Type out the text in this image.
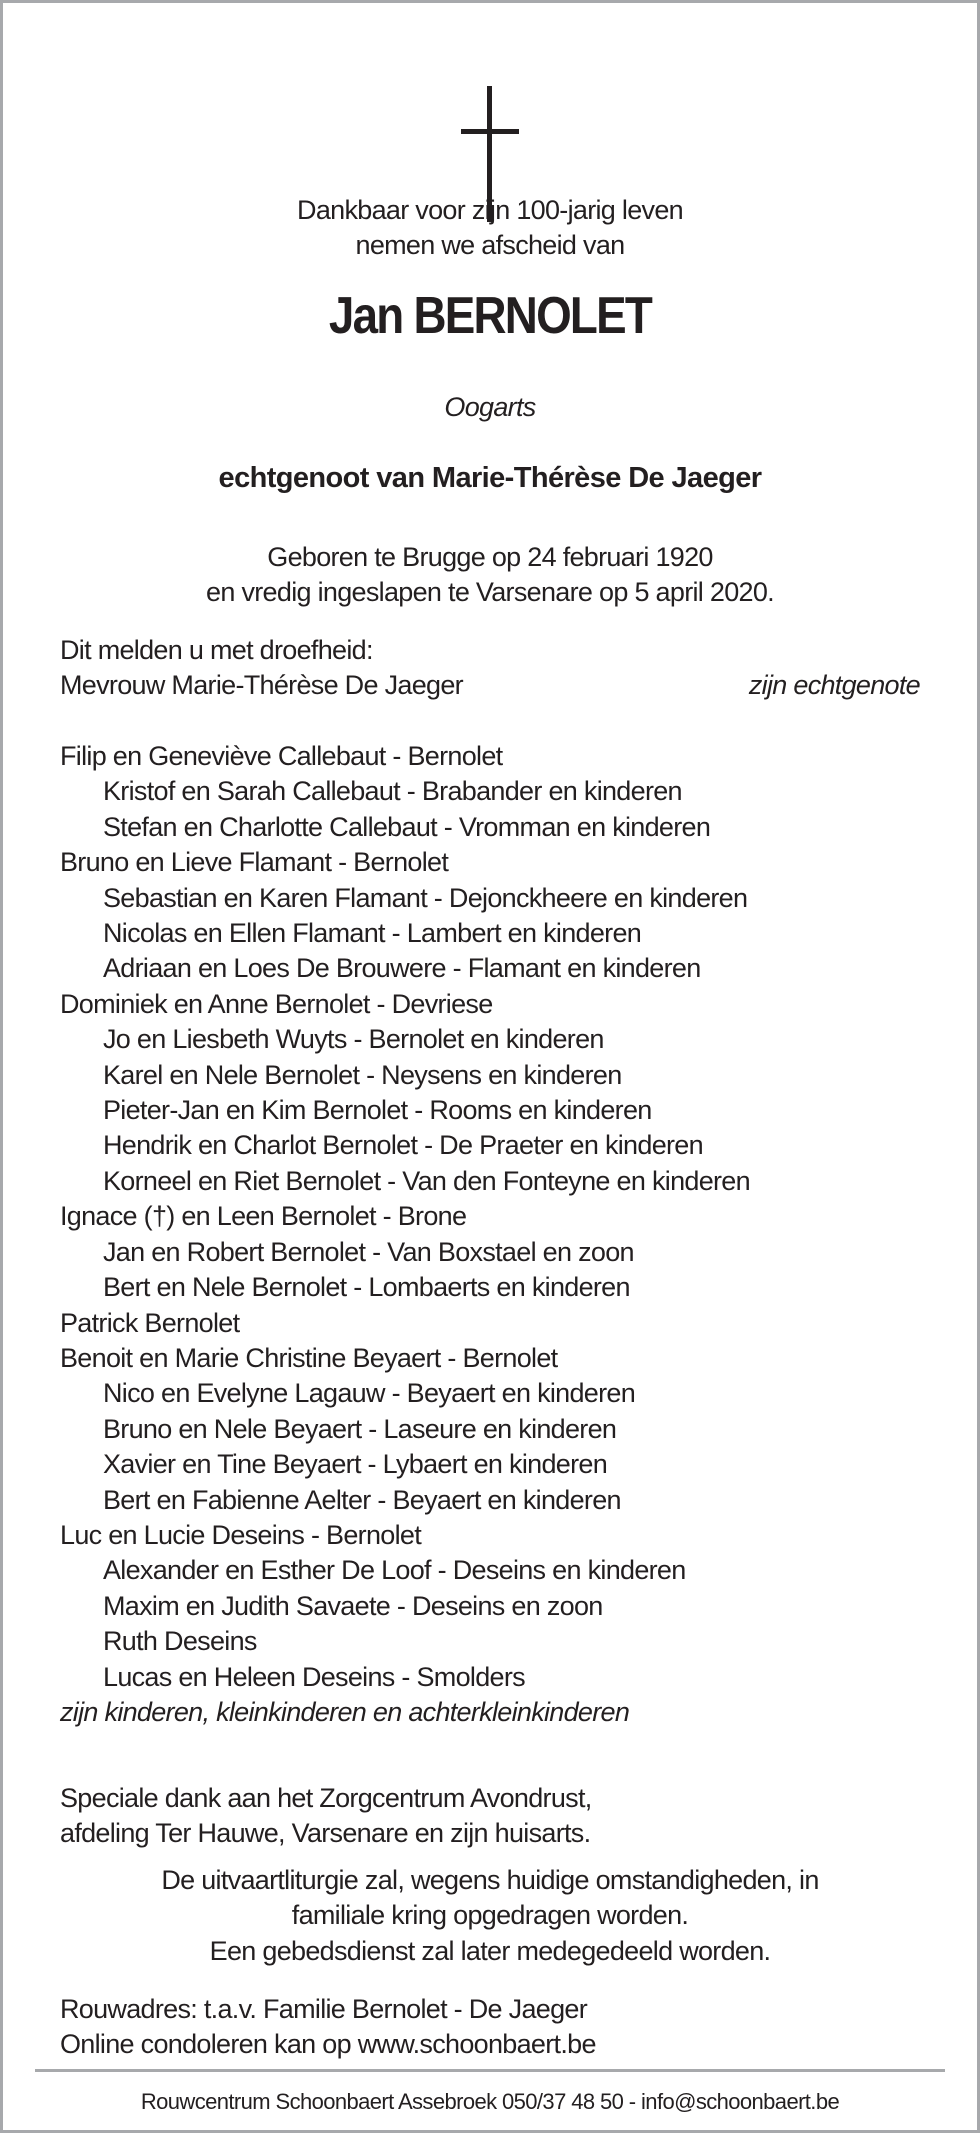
Dankbaar voor zijn 100-jarig leven
nemen we afscheid van
Jan BERNOLET
Oogarts
echtgenoot van Marie-Thérèse De Jaeger
Geboren te Brugge op 24 februari 1920
en vredig ingeslapen te Varsenare op 5 april 2020.
Dit melden u met droefheid:
Mevrouw Marie-Thérèse De Jaeger	zijn echtgenote
Filip en Geneviève Callebaut - Bernolet
Kristof en Sarah Callebaut - Brabander en kinderen
Stefan en Charlotte Callebaut - Vromman en kinderen
Bruno en Lieve Flamant - Bernolet
Sebastian en Karen Flamant - Dejonckheere en kinderen
Nicolas en Ellen Flamant - Lambert en kinderen
Adriaan en Loes De Brouwere - Flamant en kinderen
Dominiek en Anne Bernolet - Devriese
Jo en Liesbeth Wuyts - Bernolet en kinderen
Karel en Nele Bernolet - Neysens en kinderen
Pieter-Jan en Kim Bernolet - Rooms en kinderen
Hendrik en Charlot Bernolet - De Praeter en kinderen
Korneel en Riet Bernolet - Van den Fonteyne en kinderen
Ignace (†) en Leen Bernolet - Brone
Jan en Robert Bernolet - Van Boxstael en zoon
Bert en Nele Bernolet - Lombaerts en kinderen
Patrick Bernolet
Benoit en Marie Christine Beyaert - Bernolet
Nico en Evelyne Lagauw - Beyaert en kinderen
Bruno en Nele Beyaert - Laseure en kinderen
Xavier en Tine Beyaert - Lybaert en kinderen
Bert en Fabienne Aelter - Beyaert en kinderen
Luc en Lucie Deseins - Bernolet
Alexander en Esther De Loof - Deseins en kinderen
Maxim en Judith Savaete - Deseins en zoon
Ruth Deseins
Lucas en Heleen Deseins - Smolders
zijn kinderen, kleinkinderen en achterkleinkinderen
Speciale dank aan het Zorgcentrum Avondrust,
afdeling Ter Hauwe, Varsenare en zijn huisarts.
De uitvaartliturgie zal, wegens huidige omstandigheden, in
familiale kring opgedragen worden.
Een gebedsdienst zal later medegedeeld worden.
Rouwadres: t.a.v. Familie Bernolet - De Jaeger
Online condoleren kan op www.schoonbaert.be
Rouwcentrum Schoonbaert Assebroek 050/37 48 50 - info@schoonbaert.be
